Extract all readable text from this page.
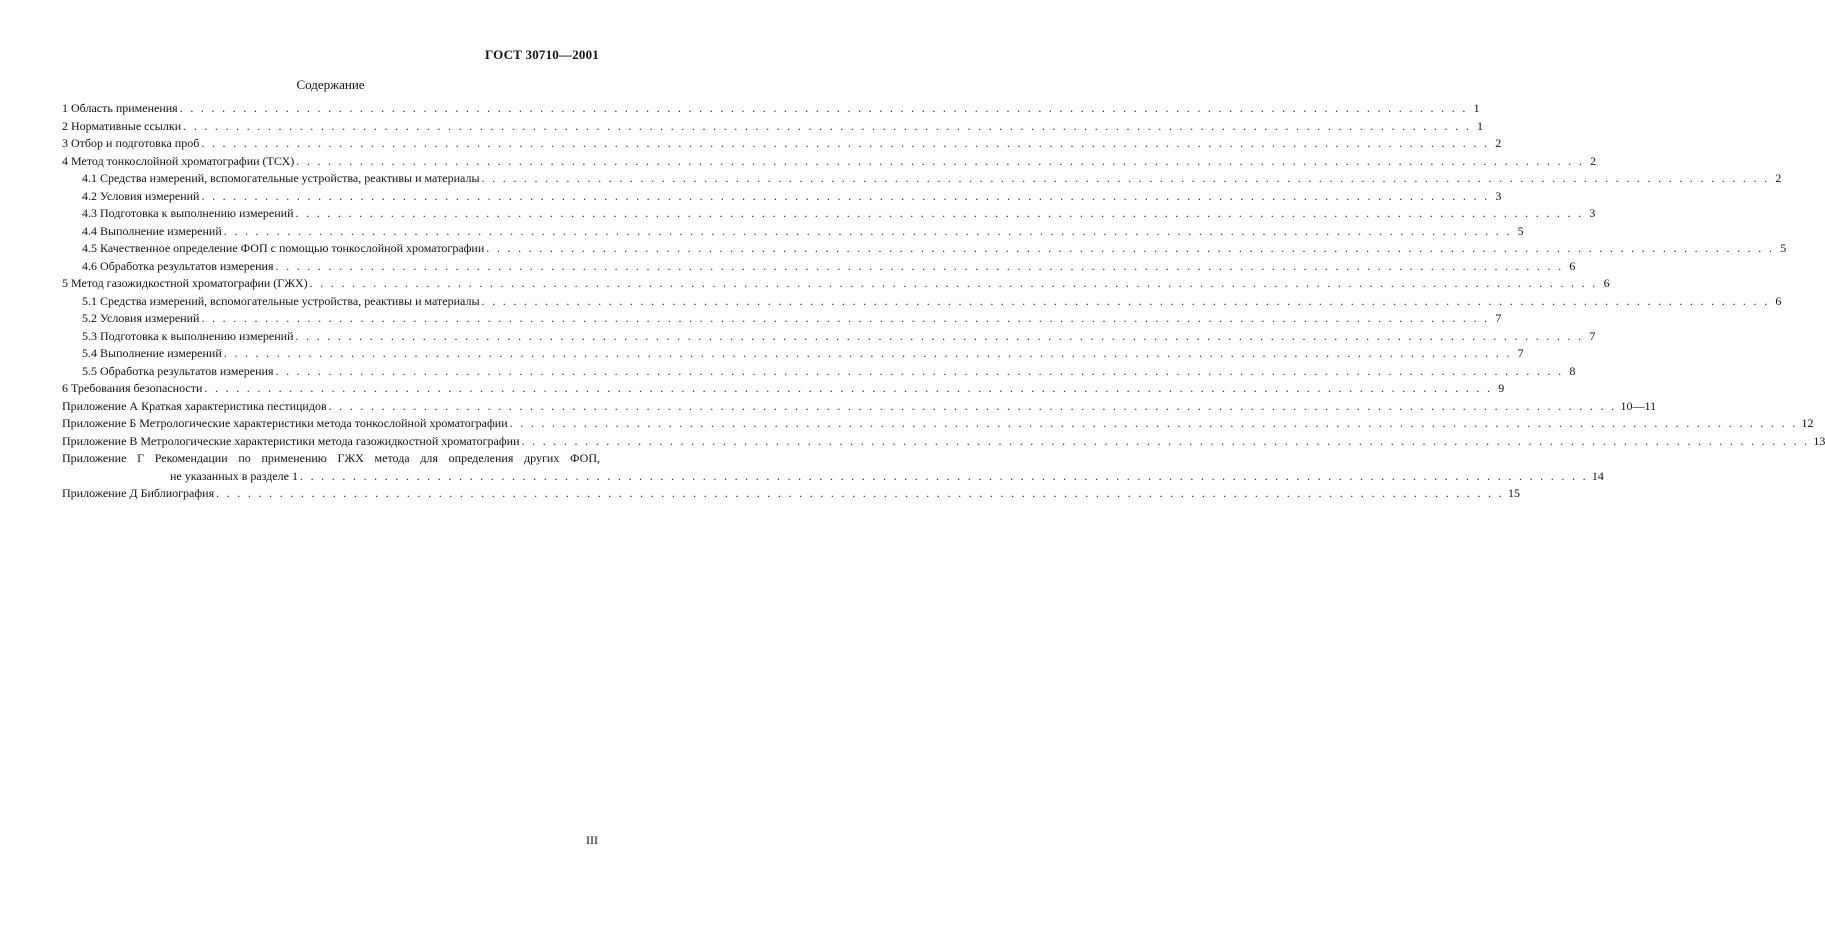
ГОСТ 30710—2001
Содержание
1 Область применения . . . . . . . . . . . . . . . . . . . . . . . . . . . . . . . . . . . . . . . . . . . . . . . . . . . . . . . . . . . . . . . . . . . . . . . . . . . . . . . . . . . . . . . . . . . . . . . . . . . . . . . . . . . . . . . . . . . . . . . . . . 1
2 Нормативные ссылки . . . . . . . . . . . . . . . . . . . . . . . . . . . . . . . . . . . . . . . . . . . . . . . . . . . . . . . . . . . . . . . . . . . . . . . . . . . . . . . . . . . . . . . . . . . . . . . . . . . . . . . . . . . . . . . . . . . . . . . . . . 1
3 Отбор и подготовка проб . . . . . . . . . . . . . . . . . . . . . . . . . . . . . . . . . . . . . . . . . . . . . . . . . . . . . . . . . . . . . . . . . . . . . . . . . . . . . . . . . . . . . . . . . . . . . . . . . . . . . . . . . . . . . . . . . . . . . . . . . . 2
4 Метод тонкослойной хроматографии (ТСХ) . . . . . . . . . . . . . . . . . . . . . . . . . . . . . . . . . . . . . . . . . . . . . . . . . . . . . . . . . . . . . . . . . . . . . . . . . . . . . . . . . . . . . . . . . . . . . . . . . . . . . . . . . . . . . . . . . . . . . . . . . . 2
4.1 Средства измерений, вспомогательные устройства, реактивы и материалы . . . . . . . . . . . . . . . . . . . . . . . . . . . . . . . . . . . . . . . . . . . . . . . . . . . . . . . . . . . . . . . . . . . . . . . . . . . . . . . . . . . . . . . . . . . . . . . . . . . . . . . . . . . . . . . . . . . . . . . . . . 2
4.2 Условия измерений . . . . . . . . . . . . . . . . . . . . . . . . . . . . . . . . . . . . . . . . . . . . . . . . . . . . . . . . . . . . . . . . . . . . . . . . . . . . . . . . . . . . . . . . . . . . . . . . . . . . . . . . . . . . . . . . . . . . . . . . . . 3
4.3 Подготовка к выполнению измерений . . . . . . . . . . . . . . . . . . . . . . . . . . . . . . . . . . . . . . . . . . . . . . . . . . . . . . . . . . . . . . . . . . . . . . . . . . . . . . . . . . . . . . . . . . . . . . . . . . . . . . . . . . . . . . . . . . . . . . . . . . 3
4.4 Выполнение измерений . . . . . . . . . . . . . . . . . . . . . . . . . . . . . . . . . . . . . . . . . . . . . . . . . . . . . . . . . . . . . . . . . . . . . . . . . . . . . . . . . . . . . . . . . . . . . . . . . . . . . . . . . . . . . . . . . . . . . . . . . . 5
4.5 Качественное определение ФОП с помощью тонкослойной хроматографии . . . . . . . . . . . . . . . . . . . . . . . . . . . . . . . . . . . . . . . . . . . . . . . . . . . . . . . . . . . . . . . . . . . . . . . . . . . . . . . . . . . . . . . . . . . . . . . . . . . . . . . . . . . . . . . . . . . . . . . . . . 5
4.6 Обработка результатов измерения . . . . . . . . . . . . . . . . . . . . . . . . . . . . . . . . . . . . . . . . . . . . . . . . . . . . . . . . . . . . . . . . . . . . . . . . . . . . . . . . . . . . . . . . . . . . . . . . . . . . . . . . . . . . . . . . . . . . . . . . . . 6
5 Метод газожидкостной хроматографии (ГЖХ) . . . . . . . . . . . . . . . . . . . . . . . . . . . . . . . . . . . . . . . . . . . . . . . . . . . . . . . . . . . . . . . . . . . . . . . . . . . . . . . . . . . . . . . . . . . . . . . . . . . . . . . . . . . . . . . . . . . . . . . . . . 6
5.1 Средства измерений, вспомогательные устройства, реактивы и материалы . . . . . . . . . . . . . . . . . . . . . . . . . . . . . . . . . . . . . . . . . . . . . . . . . . . . . . . . . . . . . . . . . . . . . . . . . . . . . . . . . . . . . . . . . . . . . . . . . . . . . . . . . . . . . . . . . . . . . . . . . . 6
5.2 Условия измерений . . . . . . . . . . . . . . . . . . . . . . . . . . . . . . . . . . . . . . . . . . . . . . . . . . . . . . . . . . . . . . . . . . . . . . . . . . . . . . . . . . . . . . . . . . . . . . . . . . . . . . . . . . . . . . . . . . . . . . . . . . 7
5.3 Подготовка к выполнению измерений . . . . . . . . . . . . . . . . . . . . . . . . . . . . . . . . . . . . . . . . . . . . . . . . . . . . . . . . . . . . . . . . . . . . . . . . . . . . . . . . . . . . . . . . . . . . . . . . . . . . . . . . . . . . . . . . . . . . . . . . . . 7
5.4 Выполнение измерений . . . . . . . . . . . . . . . . . . . . . . . . . . . . . . . . . . . . . . . . . . . . . . . . . . . . . . . . . . . . . . . . . . . . . . . . . . . . . . . . . . . . . . . . . . . . . . . . . . . . . . . . . . . . . . . . . . . . . . . . . . 7
5.5 Обработка результатов измерения . . . . . . . . . . . . . . . . . . . . . . . . . . . . . . . . . . . . . . . . . . . . . . . . . . . . . . . . . . . . . . . . . . . . . . . . . . . . . . . . . . . . . . . . . . . . . . . . . . . . . . . . . . . . . . . . . . . . . . . . . . 8
6 Требования безопасности . . . . . . . . . . . . . . . . . . . . . . . . . . . . . . . . . . . . . . . . . . . . . . . . . . . . . . . . . . . . . . . . . . . . . . . . . . . . . . . . . . . . . . . . . . . . . . . . . . . . . . . . . . . . . . . . . . . . . . . . . . 9
Приложение А Краткая характеристика пестицидов . . . . . . . . . . . . . . . . . . . . . . . . . . . . . . . . . . . . . . . . . . . . . . . . . . . . . . . . . . . . . . . . . . . . . . . . . . . . . . . . . . . . . . . . . . . . . . . . . . . . . . . . . . . . . . . . . . . . . . . . . . 10—11
Приложение Б Метрологические характеристики метода тонкослойной хроматографии . . . . . . . . . . . . . . . . . . . . . . . . . . . . . . . . . . . . . . . . . . . . . . . . . . . . . . . . . . . . . . . . . . . . . . . . . . . . . . . . . . . . . . . . . . . . . . . . . . . . . . . . . . . . . . . . . . . . . . . . . . 12
Приложение В Метрологические характеристики метода газожидкостной хроматографии . . . . . . . . . . . . . . . . . . . . . . . . . . . . . . . . . . . . . . . . . . . . . . . . . . . . . . . . . . . . . . . . . . . . . . . . . . . . . . . . . . . . . . . . . . . . . . . . . . . . . . . . . . . . . . . . . . . . . . . . . . 13
Приложение Г Рекомендации по применению ГЖХ метода для определения других ФОП,
не указанных в разделе 1 . . . . . . . . . . . . . . . . . . . . . . . . . . . . . . . . . . . . . . . . . . . . . . . . . . . . . . . . . . . . . . . . . . . . . . . . . . . . . . . . . . . . . . . . . . . . . . . . . . . . . . . . . . . . . . . . . . . . . . . . . . 14
Приложение Д Библиография . . . . . . . . . . . . . . . . . . . . . . . . . . . . . . . . . . . . . . . . . . . . . . . . . . . . . . . . . . . . . . . . . . . . . . . . . . . . . . . . . . . . . . . . . . . . . . . . . . . . . . . . . . . . . . . . . . . . . . . . . . 15
III
